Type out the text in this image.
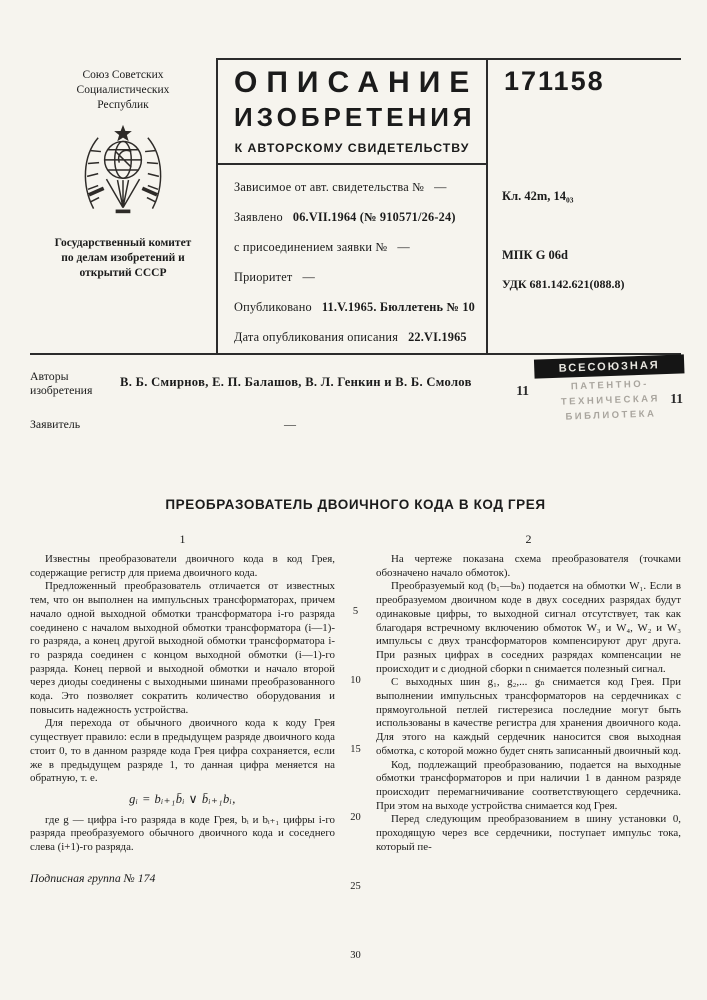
Союз Советских Социалистических Республик
Государственный комитет по делам изобретений и открытий СССР
ОПИСАНИЕ
ИЗОБРЕТЕНИЯ
К АВТОРСКОМУ СВИДЕТЕЛЬСТВУ
Зависимое от авт. свидетельства № —
Заявлено 06.VII.1964 (№ 910571/26-24)
с присоединением заявки № —
Приоритет —
Опубликовано 11.V.1965. Бюллетень № 10
Дата опубликования описания 22.VI.1965
171158
Кл. 42m, 14₀₃
МПК G 06d
УДК 681.142.621(088.8)
Авторы изобретения
В. Б. Смирнов, Е. П. Балашов, В. Л. Генкин и В. Б. Смолов
Заявитель	—
ВСЕСОЮЗНАЯ
ПАТЕНТНО-
ТЕХНИЧЕСКАЯ
БИБЛИОТЕКА
11
11
ПРЕОБРАЗОВАТЕЛЬ ДВОИЧНОГО КОДА В КОД ГРЕЯ
1

Известны преобразователи двоичного кода в код Грея, содержащие регистр для приема двоичного кода.

Предложенный преобразователь отличается от известных тем, что он выполнен на импульсных трансформаторах, причем начало одной выходной обмотки трансформатора i-го разряда соединено с началом выходной обмотки трансформатора (i—1)-го разряда, а конец другой выходной обмотки трансформатора i-го разряда соединен с концом выходной обмотки (i—1)-го разряда. Конец первой и выходной обмотки и начало второй через диоды соединены с выходными шинами преобразованного кода. Это позволяет сократить количество оборудования и повысить надежность устройства.

Для перехода от обычного двоичного кода к коду Грея существует правило: если в предыдущем разряде двоичного кода стоит 0, то в данном разряде кода Грея цифра сохраняется, если же в предыдущем разряде 1, то данная цифра меняется на обратную, т. е.

gᵢ = bᵢ₊₁b̄ᵢ ∨ b̄ᵢ₊₁bᵢ,

где g — цифра i-го разряда в коде Грея, bᵢ и bᵢ₊₁ цифры i-го разряда преобразуемого обычного двоичного кода и соседнего слева (i+1)-го разряда.

5
10
15
20
25
30
2

На чертеже показана схема преобразователя (точками обозначено начало обмоток).

Преобразуемый код (b₁—bₙ) подается на обмотки W₁. Если в преобразуемом двоичном коде в двух соседних разрядах будут одинаковые цифры, то выходной сигнал отсутствует, так как благодаря встречному включению обмоток W₃ и W₄, W₂ и W₃ импульсы с двух трансформаторов компенсируют друг друга. При разных цифрах в соседних разрядах компенсации не происходит и с диодной сборки n снимается полезный сигнал.

С выходных шин g₁, g₂,... gₙ снимается код Грея. При выполнении импульсных трансформаторов на сердечниках с прямоугольной петлей гистерезиса последние могут быть использованы в качестве регистра для хранения двоичного кода. Для этого на каждый сердечник наносится своя выходная обмотка, с которой можно будет снять записанный двоичный код.

Код, подлежащий преобразованию, подается на выходные обмотки трансформаторов и при наличии 1 в данном разряде происходит перемагничивание соответствующего сердечника. При этом на выходе устройства снимается код Грея.

Перед следующим преобразованием в шину установки 0, проходящую через все сердечники, поступает импульс тока, который пе-

Подписная группа № 174
